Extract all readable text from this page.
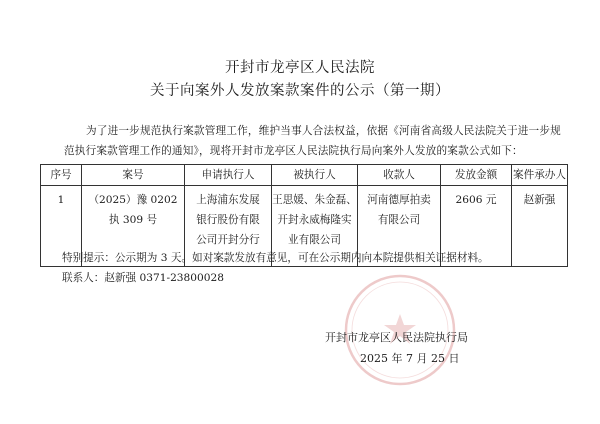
开封市龙亭区人民法院
关于向案外人发放案款案件的公示（第一期）
为了进一步规范执行案款管理工作，维护当事人合法权益，依据《河南省高级人民法院关于进一步规
范执行案款管理工作的通知》，现将开封市龙亭区人民法院执行局向案外人发放的案款公式如下：
序号	案号	申请执行人	被执行人	收款人	发放金额	案件承办人
1	（2025）豫 0202
执 309 号	上海浦东发展
银行股份有限
公司开封分行	王思媛、朱金磊、
开封永威梅隆实
业有限公司	河南德厚拍卖
有限公司	2606 元	赵新强
特别提示：公示期为 3 天。如对案款发放有意见，可在公示期内向本院提供相关证据材料。
联系人：赵新强 0371-23800028
开封市龙亭区人民法院执行局
2025 年 7 月 25 日
